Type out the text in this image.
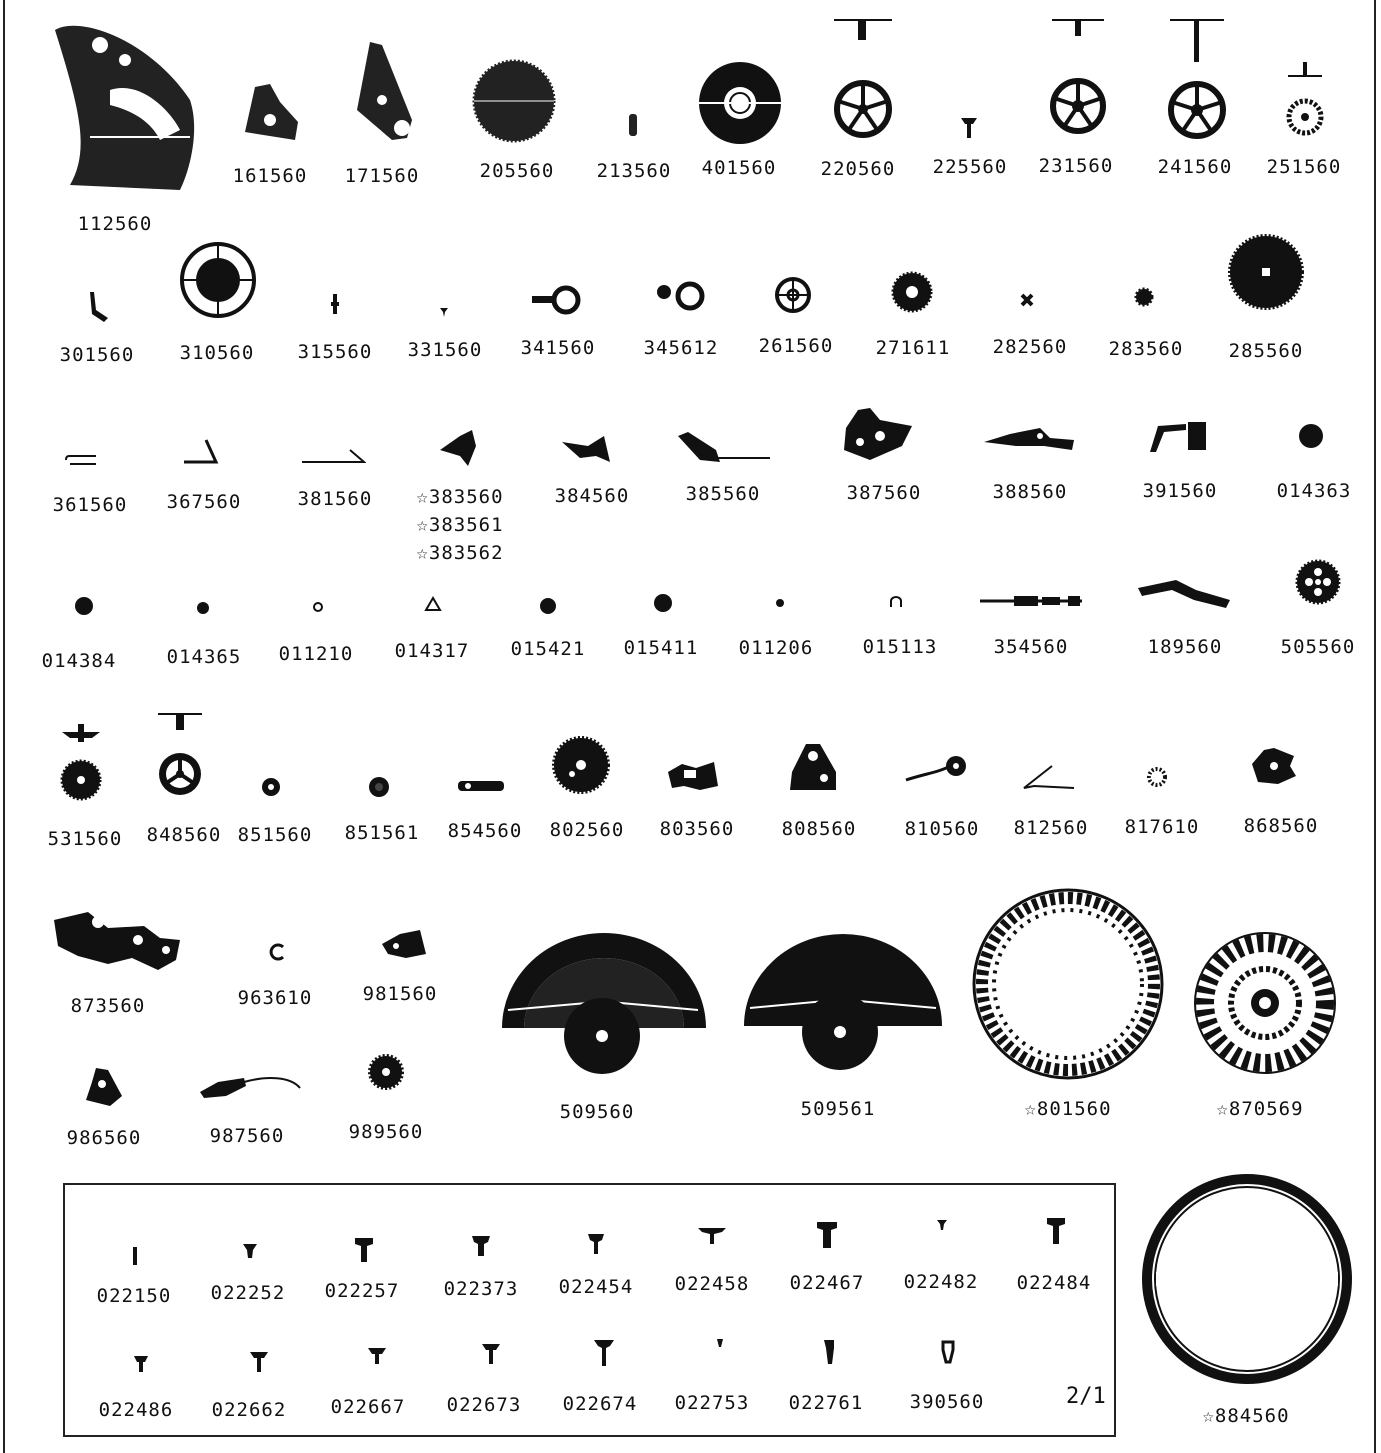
112560
161560 171560	205560 213560 401560 220560 225560 231560 241560 251560
301560 310560 315560 331560 341560	345612 261560 271611 282560 283560 285560
361560 367560	381560 ☆383560
☆383561
☆383562
384560	385560	387560	388560	391560	014363
014384	014365 011210 014317 015421 015411 011206	015113	354560	189560	505560
531560 848560 851560 851561 854560 802560 803560 808560	810560 812560 817610 868560
873560	963610	981560
509560	509561	☆801560	☆870569
986560	987560	989560
022150 022252 022257 022373 022454 022458 022467 022482 022484
022486 022662 022667 022673 022674 022753 022761 390560	2/1
☆884560
